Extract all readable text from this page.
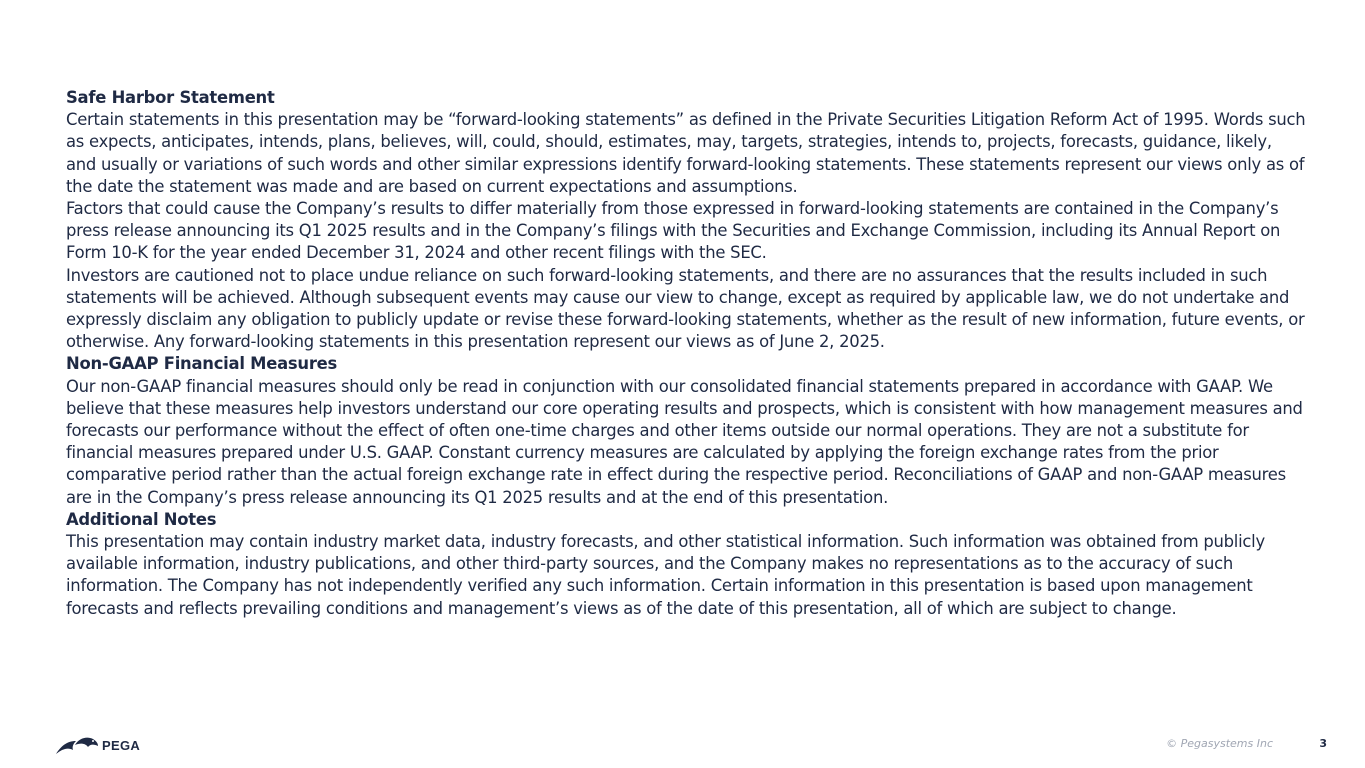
Safe Harbor Statement

Certain statements in this presentation may be “forward-looking statements” as defined in the Private Securities Litigation Reform Act of 1995. Words such as expects, anticipates, intends, plans, believes, will, could, should, estimates, may, targets, strategies, intends to, projects, forecasts, guidance, likely, and usually or variations of such words and other similar expressions identify forward-looking statements. These statements represent our views only as of the date the statement was made and are based on current expectations and assumptions.

Factors that could cause the Company’s results to differ materially from those expressed in forward-looking statements are contained in the Company’s press release announcing its Q1 2025 results and in the Company’s filings with the Securities and Exchange Commission, including its Annual Report on Form 10-K for the year ended December 31, 2024 and other recent filings with the SEC.

Investors are cautioned not to place undue reliance on such forward-looking statements, and there are no assurances that the results included in such statements will be achieved. Although subsequent events may cause our view to change, except as required by applicable law, we do not undertake and expressly disclaim any obligation to publicly update or revise these forward-looking statements, whether as the result of new information, future events, or otherwise. Any forward-looking statements in this presentation represent our views as of June 2, 2025.

Non-GAAP Financial Measures

Our non-GAAP financial measures should only be read in conjunction with our consolidated financial statements prepared in accordance with GAAP. We believe that these measures help investors understand our core operating results and prospects, which is consistent with how management measures and forecasts our performance without the effect of often one-time charges and other items outside our normal operations. They are not a substitute for financial measures prepared under U.S. GAAP. Constant currency measures are calculated by applying the foreign exchange rates from the prior comparative period rather than the actual foreign exchange rate in effect during the respective period. Reconciliations of GAAP and non-GAAP measures are in the Company’s press release announcing its Q1 2025 results and at the end of this presentation.

Additional Notes

This presentation may contain industry market data, industry forecasts, and other statistical information. Such information was obtained from publicly available information, industry publications, and other third-party sources, and the Company makes no representations as to the accuracy of such information. The Company has not independently verified any such information. Certain information in this presentation is based upon management forecasts and reflects prevailing conditions and management’s views as of the date of this presentation, all of which are subject to change.

PEGA	© Pegasystems Inc	3
